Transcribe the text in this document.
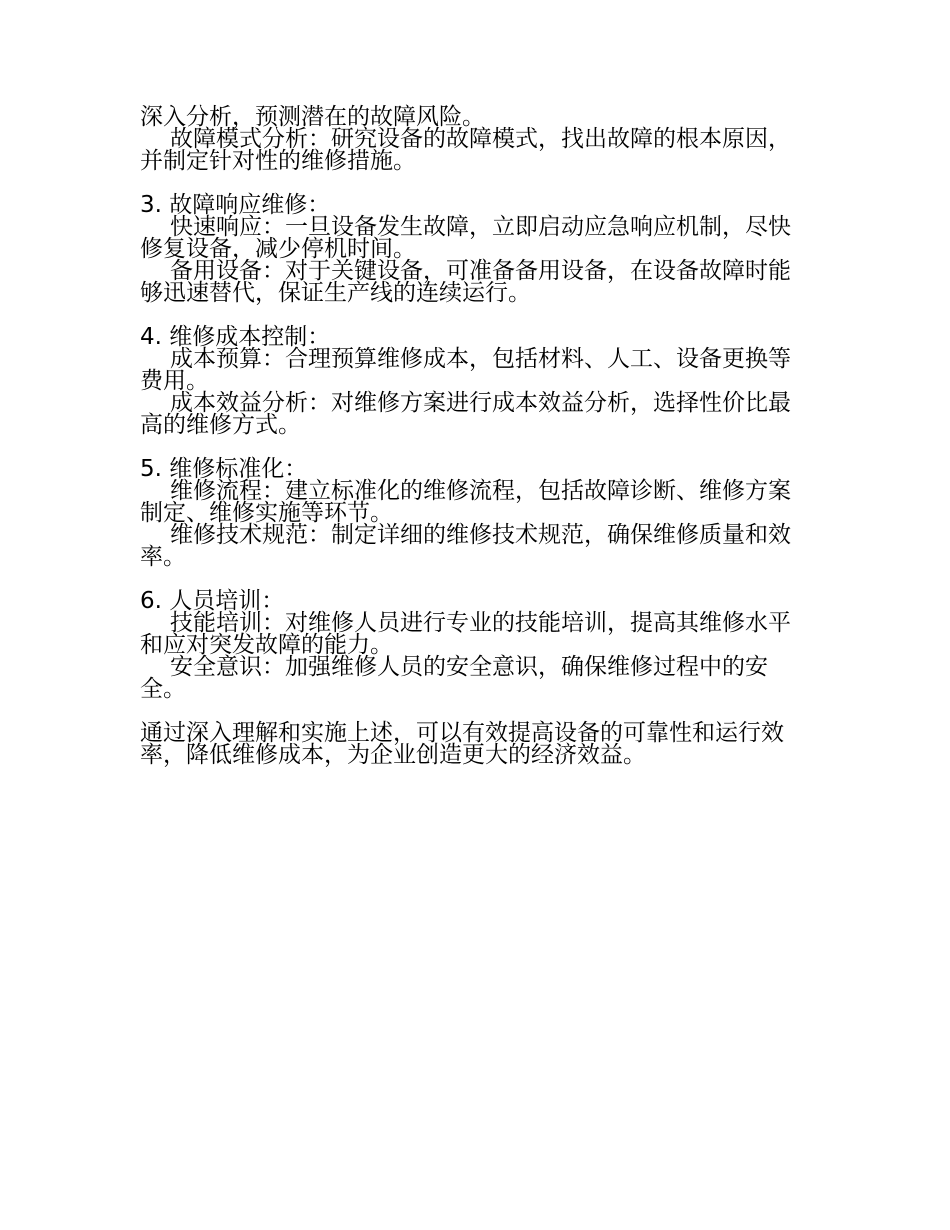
深入分析，预测潜在的故障风险。

故障模式分析：研究设备的故障模式，找出故障的根本原因，并制定针对性的维修措施。

3. 故障响应维修：

快速响应：一旦设备发生故障，立即启动应急响应机制，尽快修复设备，减少停机时间。

备用设备：对于关键设备，可准备备用设备，在设备故障时能够迅速替代，保证生产线的连续运行。

4. 维修成本控制：

成本预算：合理预算维修成本，包括材料、人工、设备更换等费用。

成本效益分析：对维修方案进行成本效益分析，选择性价比最高的维修方式。

5. 维修标准化：

维修流程：建立标准化的维修流程，包括故障诊断、维修方案制定、维修实施等环节。

维修技术规范：制定详细的维修技术规范，确保维修质量和效率。

6. 人员培训：

技能培训：对维修人员进行专业的技能培训，提高其维修水平和应对突发故障的能力。

安全意识：加强维修人员的安全意识，确保维修过程中的安全。

通过深入理解和实施上述，可以有效提高设备的可靠性和运行效率，降低维修成本，为企业创造更大的经济效益。
